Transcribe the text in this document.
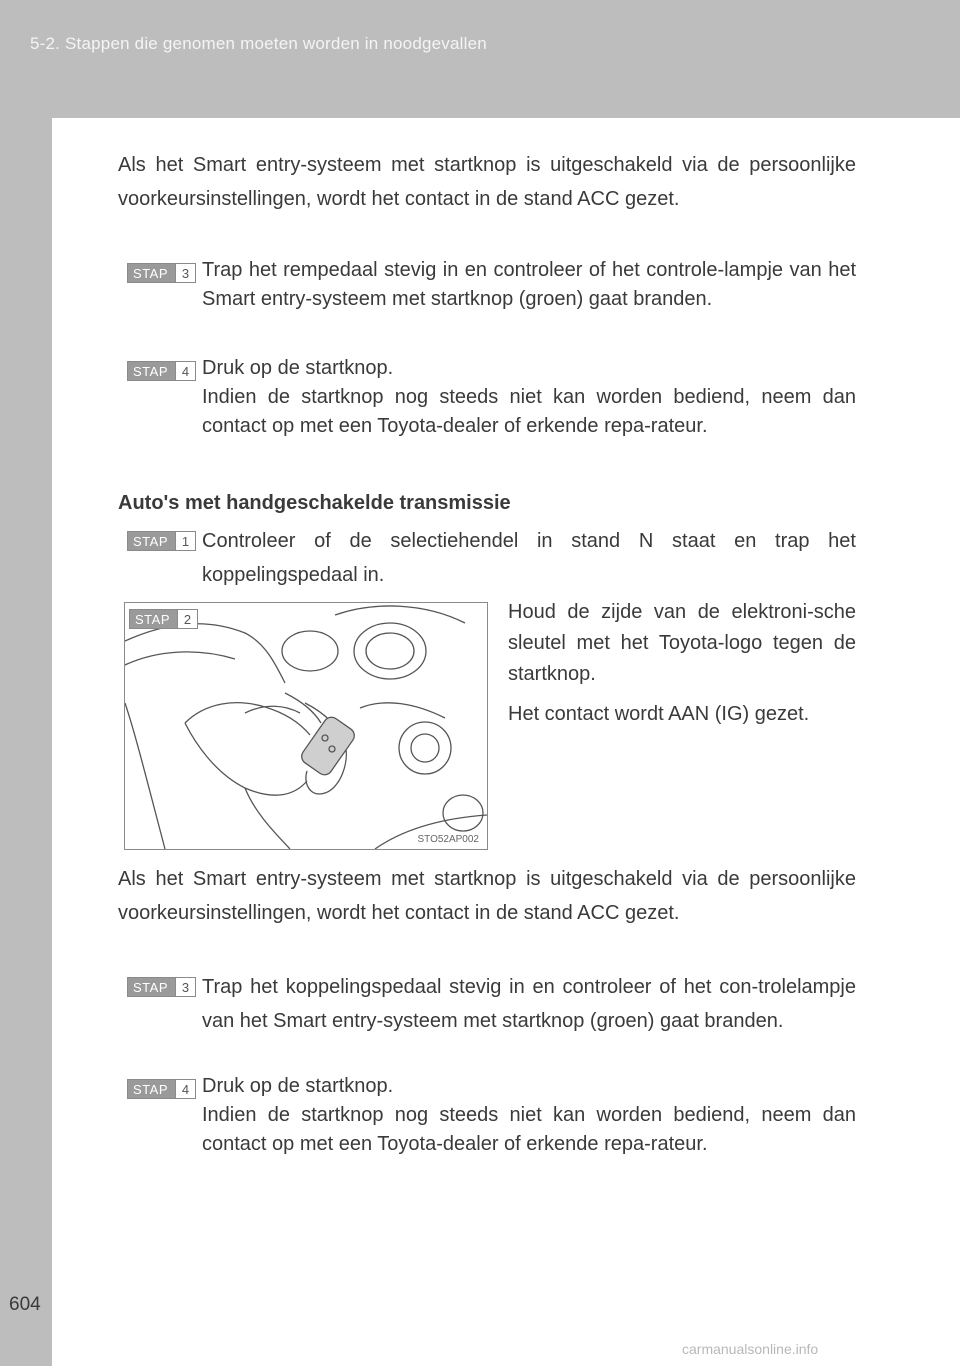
5-2. Stappen die genomen moeten worden in noodgevallen
Als het Smart entry-systeem met startknop is uitgeschakeld via de persoonlijke voorkeursinstellingen, wordt het contact in de stand ACC gezet.
STAP	3 Trap het rempedaal stevig in en controleer of het controle-lampje van het Smart entry-systeem met startknop (groen) gaat branden.
STAP	4 Druk op de startknop.
Indien de startknop nog steeds niet kan worden bediend, neem dan contact op met een Toyota-dealer of erkende repa-rateur.
Auto's met handgeschakelde transmissie
STAP	1 Controleer of de selectiehendel in stand N staat en trap het koppelingspedaal in.
STAP	2
STO52AP002
Houd de zijde van de elektroni-sche sleutel met het Toyota-logo tegen de startknop.
Het contact wordt AAN (IG) gezet.
Als het Smart entry-systeem met startknop is uitgeschakeld via de persoonlijke voorkeursinstellingen, wordt het contact in de stand ACC gezet.
STAP	3 Trap het koppelingspedaal stevig in en controleer of het con-trolelampje van het Smart entry-systeem met startknop (groen) gaat branden.
STAP	4 Druk op de startknop.
Indien de startknop nog steeds niet kan worden bediend, neem dan contact op met een Toyota-dealer of erkende repa-rateur.
604
carmanualsonline.info
